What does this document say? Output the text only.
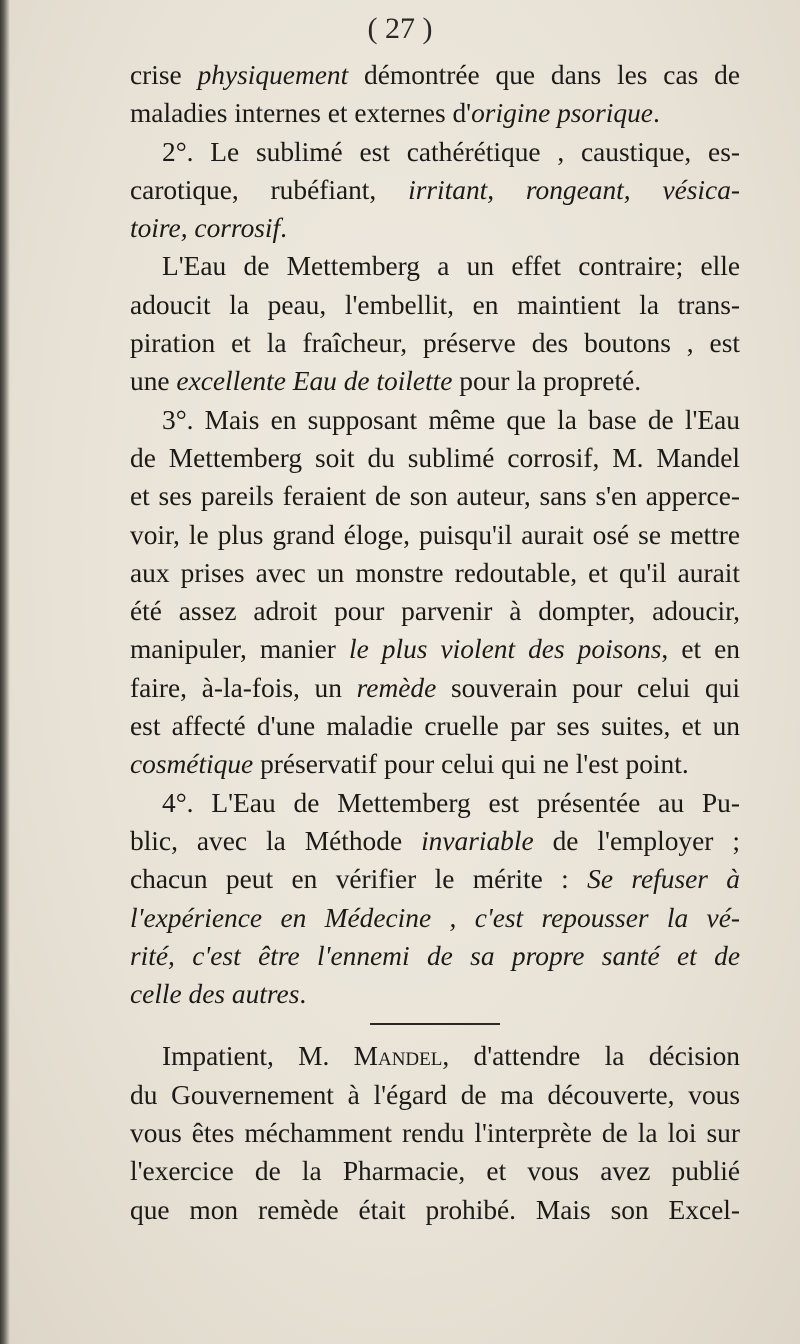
( 27 )
crise physiquement démontrée que dans les cas de
maladies internes et externes d'origine psorique.
2°. Le sublimé est cathérétique , caustique, es-
carotique, rubéfiant, irritant, rongeant, vésica-
toire, corrosif.
L'Eau de Mettemberg a un effet contraire; elle
adoucit la peau, l'embellit, en maintient la trans-
piration et la fraîcheur, préserve des boutons , est
une excellente Eau de toilette pour la propreté.
3°. Mais en supposant même que la base de l'Eau
de Mettemberg soit du sublimé corrosif, M. Mandel
et ses pareils feraient de son auteur, sans s'en apperce-
voir, le plus grand éloge, puisqu'il aurait osé se mettre
aux prises avec un monstre redoutable, et qu'il aurait
été assez adroit pour parvenir à dompter, adoucir,
manipuler, manier le plus violent des poisons, et en
faire, à-la-fois, un remède souverain pour celui qui
est affecté d'une maladie cruelle par ses suites, et un
cosmétique préservatif pour celui qui ne l'est point.
4°. L'Eau de Mettemberg est présentée au Pu-
blic, avec la Méthode invariable de l'employer ;
chacun peut en vérifier le mérite : Se refuser à
l'expérience en Médecine , c'est repousser la vé-
rité, c'est être l'ennemi de sa propre santé et de
celle des autres.
Impatient, M. Mandel, d'attendre la décision
du Gouvernement à l'égard de ma découverte, vous
vous êtes méchamment rendu l'interprète de la loi sur
l'exercice de la Pharmacie, et vous avez publié
que mon remède était prohibé. Mais son Excel-
